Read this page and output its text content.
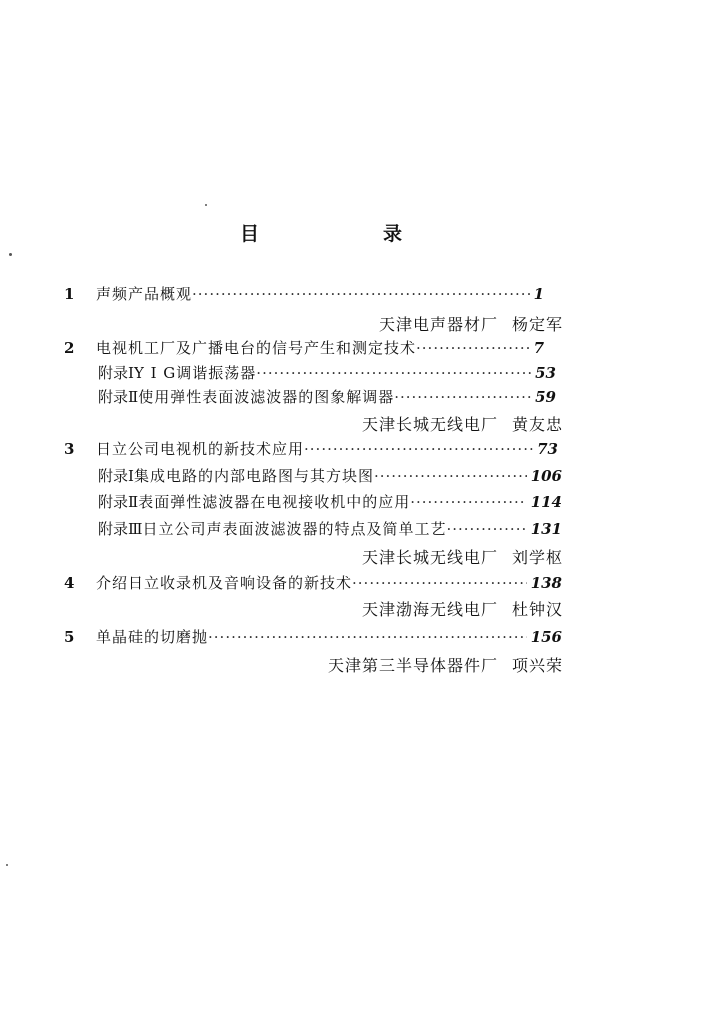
目	录
1 声频产品概观 ·····	1
天津电声器材厂 杨定军
2 电视机工厂及广播电台的信号产生和测定技术 ·····	7
附录Ⅰ Y I G调谐振荡器 ·····	53
附录Ⅱ 使用弹性表面波滤波器的图象解调器 ·····	59
天津长城无线电厂 黄友忠
3 日立公司电视机的新技术应用 ·····	73
附录Ⅰ 集成电路的内部电路图与其方块图 ·····	106
附录Ⅱ 表面弹性滤波器在电视接收机中的应用 ·····	114
附录Ⅲ 日立公司声表面波滤波器的特点及简单工艺 ·····	131
天津长城无线电厂 刘学枢
4 介绍日立收录机及音响设备的新技术 ·····	138
天津渤海无线电厂 杜钟汉
5 单晶硅的切磨抛 ·····	156
天津第三半导体器件厂 项兴荣
